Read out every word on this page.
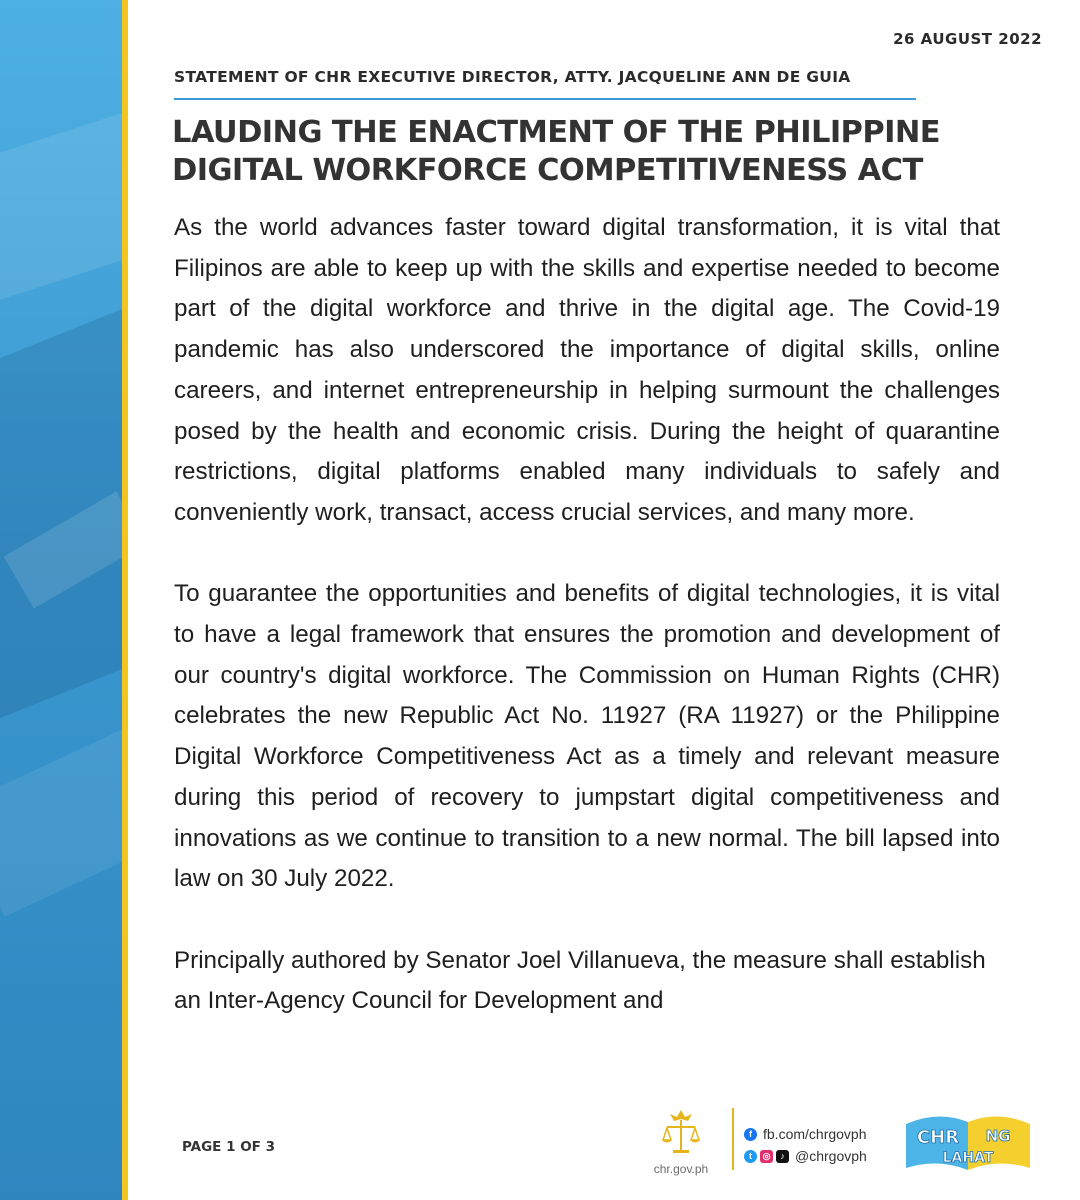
26 AUGUST 2022
STATEMENT OF CHR EXECUTIVE DIRECTOR, ATTY. JACQUELINE ANN DE GUIA
LAUDING THE ENACTMENT OF THE PHILIPPINE
DIGITAL WORKFORCE COMPETITIVENESS ACT

As the world advances faster toward digital transformation, it is vital that Filipinos are able to keep up with the skills and expertise needed to become part of the digital workforce and thrive in the digital age. The Covid-19 pandemic has also underscored the importance of digital skills, online careers, and internet entrepreneurship in helping surmount the challenges posed by the health and economic crisis. During the height of quarantine restrictions, digital platforms enabled many individuals to safely and conveniently work, transact, access crucial services, and many more.

To guarantee the opportunities and benefits of digital technologies, it is vital to have a legal framework that ensures the promotion and development of our country's digital workforce. The Commission on Human Rights (CHR) celebrates the new Republic Act No. 11927 (RA 11927) or the Philippine Digital Workforce Competitiveness Act as a timely and relevant measure during this period of recovery to jumpstart digital competitiveness and innovations as we continue to transition to a new normal. The bill lapsed into law on 30 July 2022.

Principally authored by Senator Joel Villanueva, the measure shall establish an Inter-Agency Council for Development and

PAGE 1 OF 3
chr.gov.ph
f fb.com/chrgovph
t	◎	♪ @chrgovph
CHR NG
LAHAT
